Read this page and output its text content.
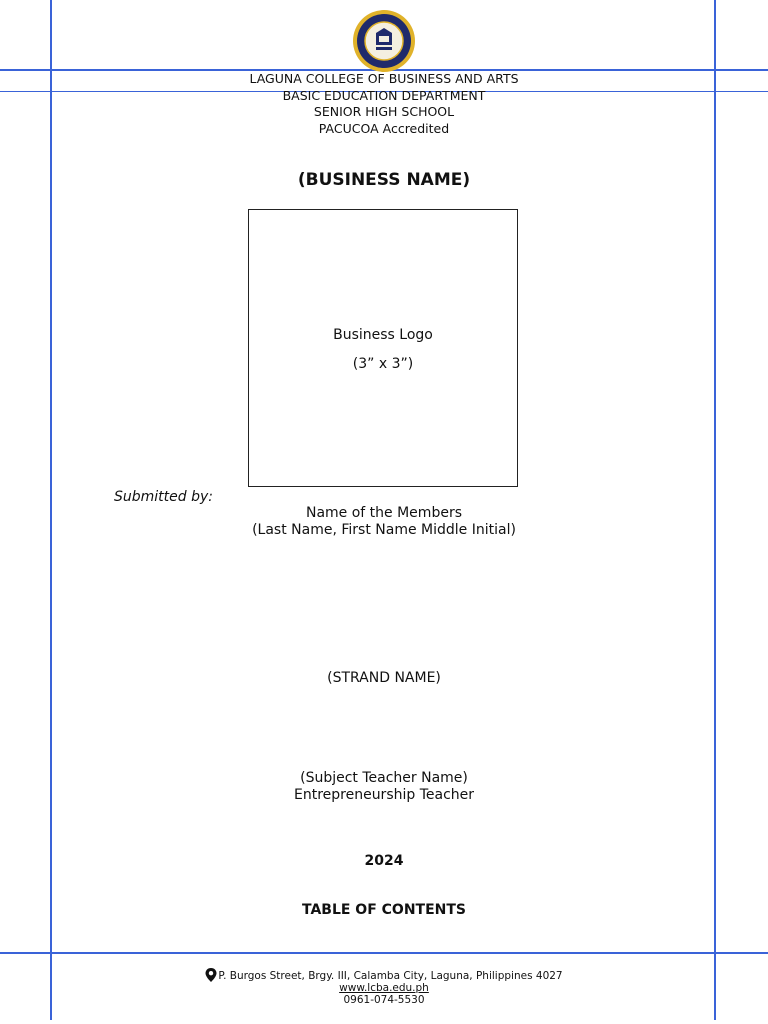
LAGUNA COLLEGE OF BUSINESS AND ARTS
BASIC EDUCATION DEPARTMENT
SENIOR HIGH SCHOOL
PACUCOA Accredited
(BUSINESS NAME)
Business Logo
(3” x 3”)
Submitted by:
Name of the Members
(Last Name, First Name Middle Initial)
(STRAND NAME)
(Subject Teacher Name)
Entrepreneurship Teacher
2024
TABLE OF CONTENTS
P. Burgos Street, Brgy. III, Calamba City, Laguna, Philippines 4027
www.lcba.edu.ph
0961-074-5530
